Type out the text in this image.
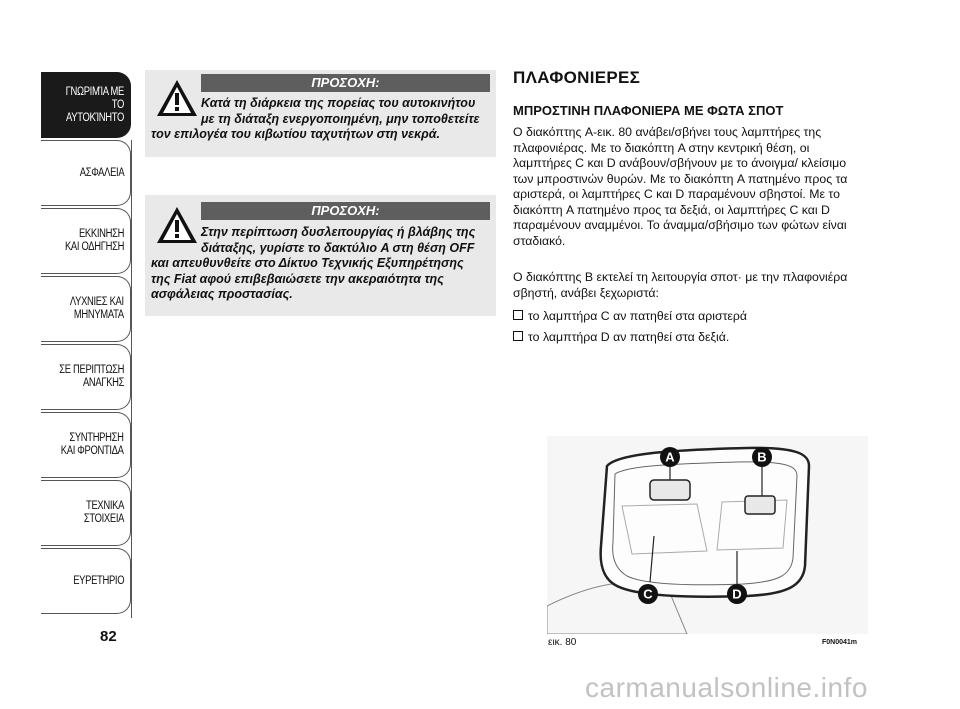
ΓΝΩΡΙΜΊΑ ΜΕ
ΤΟ ΑΥΤΟΚΊΝΗΤΟ
ΑΣΦΑΛΕΙΑ
ΕΚΚΙΝΗΣΗ
ΚΑΙ ΟΔΗΓΗΣΗ
ΛΥΧΝΙΕΣ ΚΑΙ
ΜΗΝΥΜΑΤΑ
ΣΕ ΠΕΡΙΠΤΩΣΗ
ΑΝΑΓΚΗΣ
ΣΥΝΤΗΡΗΣΗ
ΚΑΙ ΦΡΟΝΤΙΔΑ
ΤΕΧΝΙΚΑ
ΣΤΟΙΧΕΙΑ
ΕΥΡΕΤΗΡΙΟ
82
ΠΡΟΣΟΧΗ:
Κατά τη διάρκεια της πορείας του αυτοκινήτου
με τη διάταξη ενεργοποιημένη, μην τοποθετείτε
τον επιλογέα του κιβωτίου ταχυτήτων στη νεκρά.
ΠΡΟΣΟΧΗ:
Στην περίπτωση δυσλειτουργίας ή βλάβης της
διάταξης, γυρίστε το δακτύλιο A στη θέση OFF
και απευθυνθείτε στο Δίκτυο Τεχνικής Εξυπηρέτησης
της Fiat αφού επιβεβαιώσετε την ακεραιότητα της
ασφάλειας προστασίας.
ΠΛΑΦΟΝΙΕΡΕΣ
ΜΠΡΟΣΤΙΝΗ ΠΛΑΦΟΝΙΕΡΑ ΜΕ ΦΩΤΑ ΣΠΟΤ

Ο διακόπτης A-εικ. 80 ανάβει/σβήνει τους λαμπτήρες της πλαφονιέρας. Με το διακόπτη A στην κεντρική θέση, οι λαμπτήρες C και D ανάβουν/σβήνουν με το άνοιγμα/ κλείσιμο των μπροστινών θυρών. Με το διακόπτη A πατημένο προς τα αριστερά, οι λαμπτήρες C και D παραμένουν σβηστοί. Με το διακόπτη A πατημένο προς τα δεξιά, οι λαμπτήρες C και D παραμένουν αναμμένοι. Το άναμμα/σβήσιμο των φώτων είναι σταδιακό.

Ο διακόπτης B εκτελεί τη λειτουργία σποτ· με την πλαφονιέρα σβηστή, ανάβει ξεχωριστά:

το λαμπτήρα C αν πατηθεί στα αριστερά
το λαμπτήρα D αν πατηθεί στα δεξιά.
A	B
C	D
εικ. 80	F0N0041m
carmanualsonline.info
